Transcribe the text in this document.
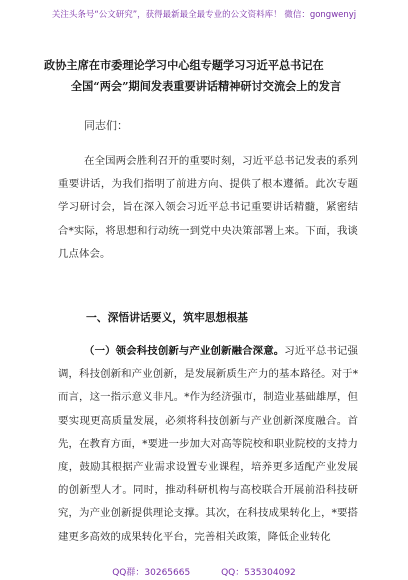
关注头条号“公文研究”，获得最新最全最专业的公文资料库！ 微信：gongwenyj
政协主席在市委理论学习中心组专题学习习近平总书记在
全国“两会”期间发表重要讲话精神研讨交流会上的发言
同志们：
在全国两会胜利召开的重要时刻，习近平总书记发表的系列重要讲话，为我们指明了前进方向、提供了根本遵循。此次专题学习研讨会，旨在深入领会习近平总书记重要讲话精髓，紧密结合*实际，将思想和行动统一到党中央决策部署上来。下面，我谈几点体会。
一、深悟讲话要义，筑牢思想根基
（一）领会科技创新与产业创新融合深意。习近平总书记强调，科技创新和产业创新，是发展新质生产力的基本路径。对于*而言，这一指示意义非凡。*作为经济强市，制造业基础雄厚，但要实现更高质量发展，必须将科技创新与产业创新深度融合。首先，在教育方面，*要进一步加大对高等院校和职业院校的支持力度，鼓励其根据产业需求设置专业课程，培养更多适配产业发展的创新型人才。同时，推动科研机构与高校联合开展前沿科技研究，为产业创新提供理论支撑。其次，在科技成果转化上，*要搭建更多高效的成果转化平台，完善相关政策，降低企业转化
QQ群：30265665	QQ：535304092
